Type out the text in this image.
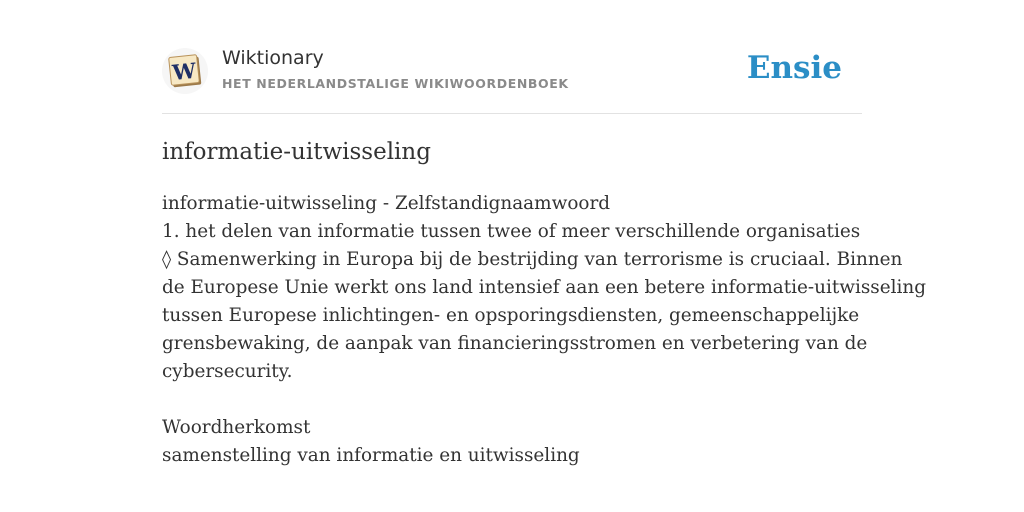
W Wiktionary
HET NEDERLANDSTALIGE WIKIWOORDENBOEK	Ensie
informatie-uitwisseling
informatie-uitwisseling - Zelfstandignaamwoord
1. het delen van informatie tussen twee of meer verschillende organisaties
◊ Samenwerking in Europa bij de bestrijding van terrorisme is cruciaal. Binnen
de Europese Unie werkt ons land intensief aan een betere informatie-uitwisseling
tussen Europese inlichtingen- en opsporingsdiensten, gemeenschappelijke
grensbewaking, de aanpak van financieringsstromen en verbetering van de
cybersecurity.
Woordherkomst
samenstelling van informatie en uitwisseling
